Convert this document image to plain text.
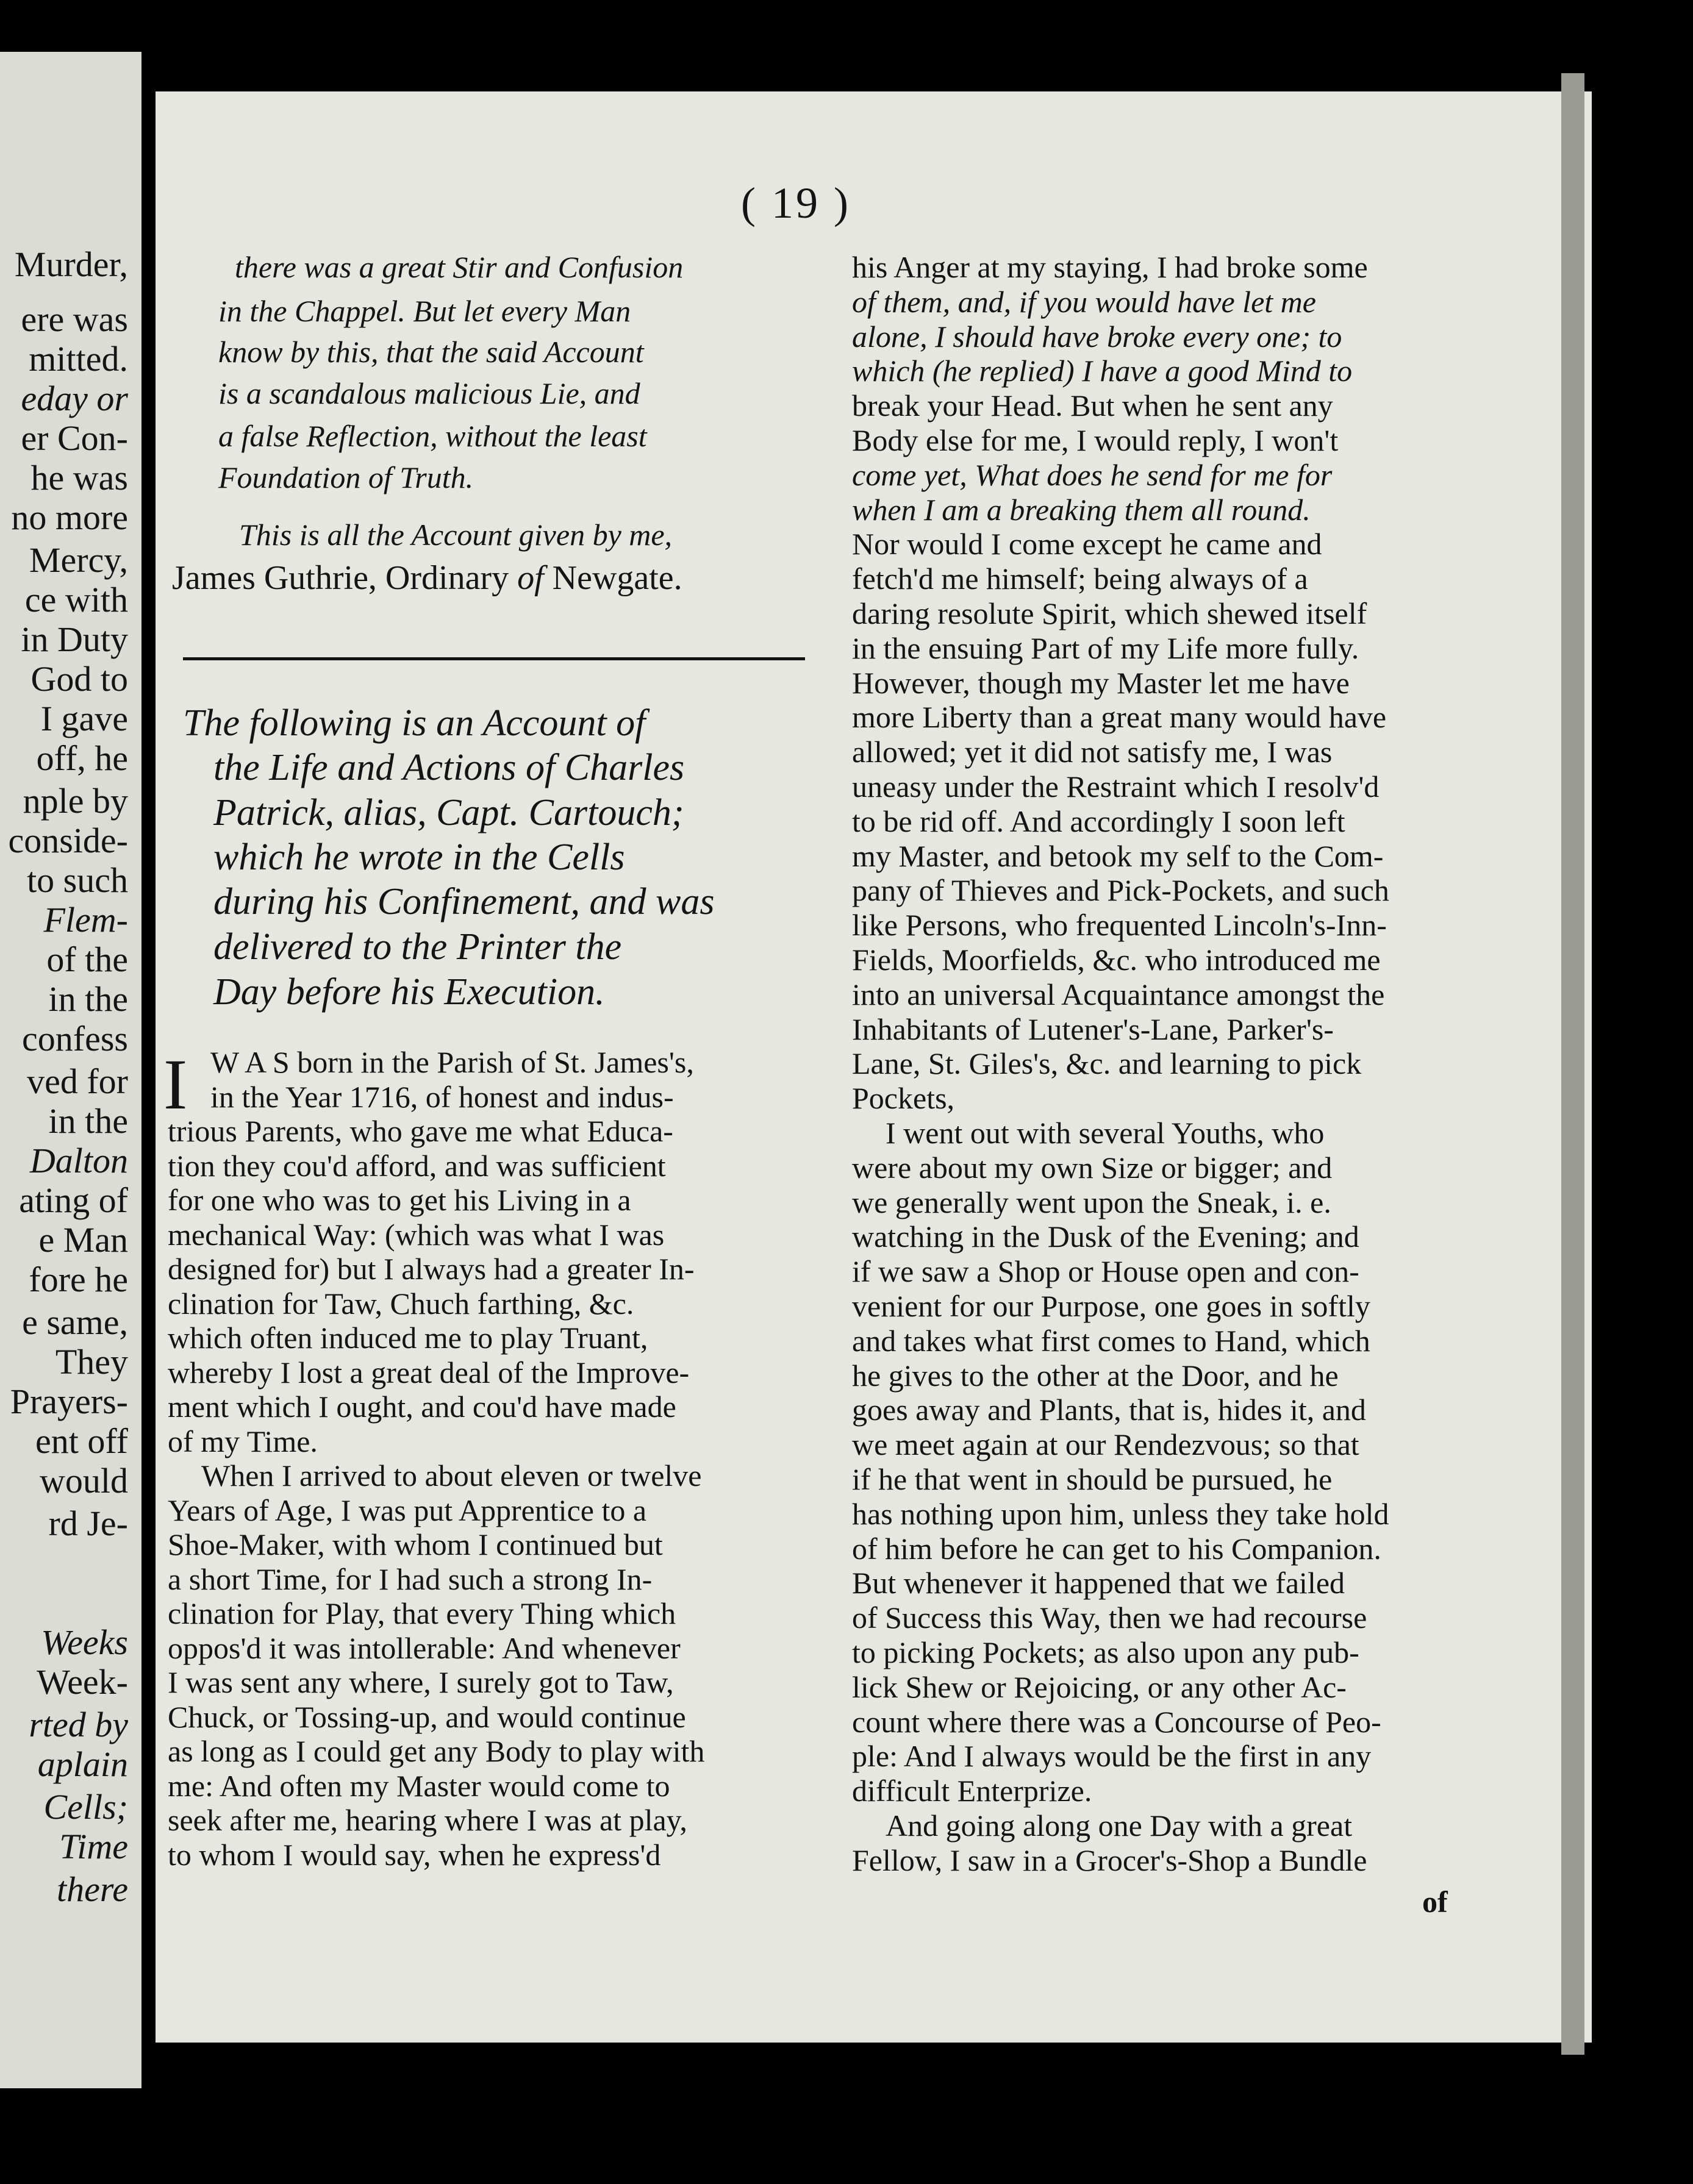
Murder,
ere was
mitted.
eday or
er Con-
he was
no more
Mercy,
ce with
in Duty
God to
I gave
off, he
nple by
conside-
to such
Flem-
of the
in the
confess
ved for
in the
Dalton
ating of
e Man
fore he
e same,
They
Prayers-
ent off
would
rd Je-
Weeks
Week-
rted by
aplain
Cells;
Time
there
( 19 )
there was a great Stir and Confusion
in the Chappel. But let every Man
know by this, that the said Account
is a scandalous malicious Lie, and
a false Reflection, without the least
Foundation of Truth.
This is all the Account given by me,
James Guthrie, Ordinary of Newgate.
The following is an Account of
the Life and Actions of Charles
Patrick, alias, Capt. Cartouch;
which he wrote in the Cells
during his Confinement, and was
delivered to the Printer the
Day before his Execution.
W A S born in the Parish of St. James's,
in the Year 1716, of honest and indus-
trious Parents, who gave me what Educa-
tion they cou'd afford, and was sufficient
for one who was to get his Living in a
mechanical Way: (which was what I was
designed for) but I always had a greater In-
clination for Taw, Chuch farthing, &c.
which often induced me to play Truant,
whereby I lost a great deal of the Improve-
ment which I ought, and cou'd have made
of my Time.
When I arrived to about eleven or twelve
Years of Age, I was put Apprentice to a
Shoe-Maker, with whom I continued but
a short Time, for I had such a strong In-
clination for Play, that every Thing which
oppos'd it was intollerable: And whenever
I was sent any where, I surely got to Taw,
Chuck, or Tossing-up, and would continue
as long as I could get any Body to play with
me: And often my Master would come to
seek after me, hearing where I was at play,
to whom I would say, when he express'd
I
his Anger at my staying, I had broke some
of them, and, if you would have let me
alone, I should have broke every one; to
which (he replied) I have a good Mind to
break your Head. But when he sent any
Body else for me, I would reply, I won't
come yet, What does he send for me for
when I am a breaking them all round.
Nor would I come except he came and
fetch'd me himself; being always of a
daring resolute Spirit, which shewed itself
in the ensuing Part of my Life more fully.
However, though my Master let me have
more Liberty than a great many would have
allowed; yet it did not satisfy me, I was
uneasy under the Restraint which I resolv'd
to be rid off. And accordingly I soon left
my Master, and betook my self to the Com-
pany of Thieves and Pick-Pockets, and such
like Persons, who frequented Lincoln's-Inn-
Fields, Moorfields, &c. who introduced me
into an universal Acquaintance amongst the
Inhabitants of Lutener's-Lane, Parker's-
Lane, St. Giles's, &c. and learning to pick
Pockets,
I went out with several Youths, who
were about my own Size or bigger; and
we generally went upon the Sneak, i. e.
watching in the Dusk of the Evening; and
if we saw a Shop or House open and con-
venient for our Purpose, one goes in softly
and takes what first comes to Hand, which
he gives to the other at the Door, and he
goes away and Plants, that is, hides it, and
we meet again at our Rendezvous; so that
if he that went in should be pursued, he
has nothing upon him, unless they take hold
of him before he can get to his Companion.
But whenever it happened that we failed
of Success this Way, then we had recourse
to picking Pockets; as also upon any pub-
lick Shew or Rejoicing, or any other Ac-
count where there was a Concourse of Peo-
ple: And I always would be the first in any
difficult Enterprize.
And going along one Day with a great
Fellow, I saw in a Grocer's-Shop a Bundle
of
